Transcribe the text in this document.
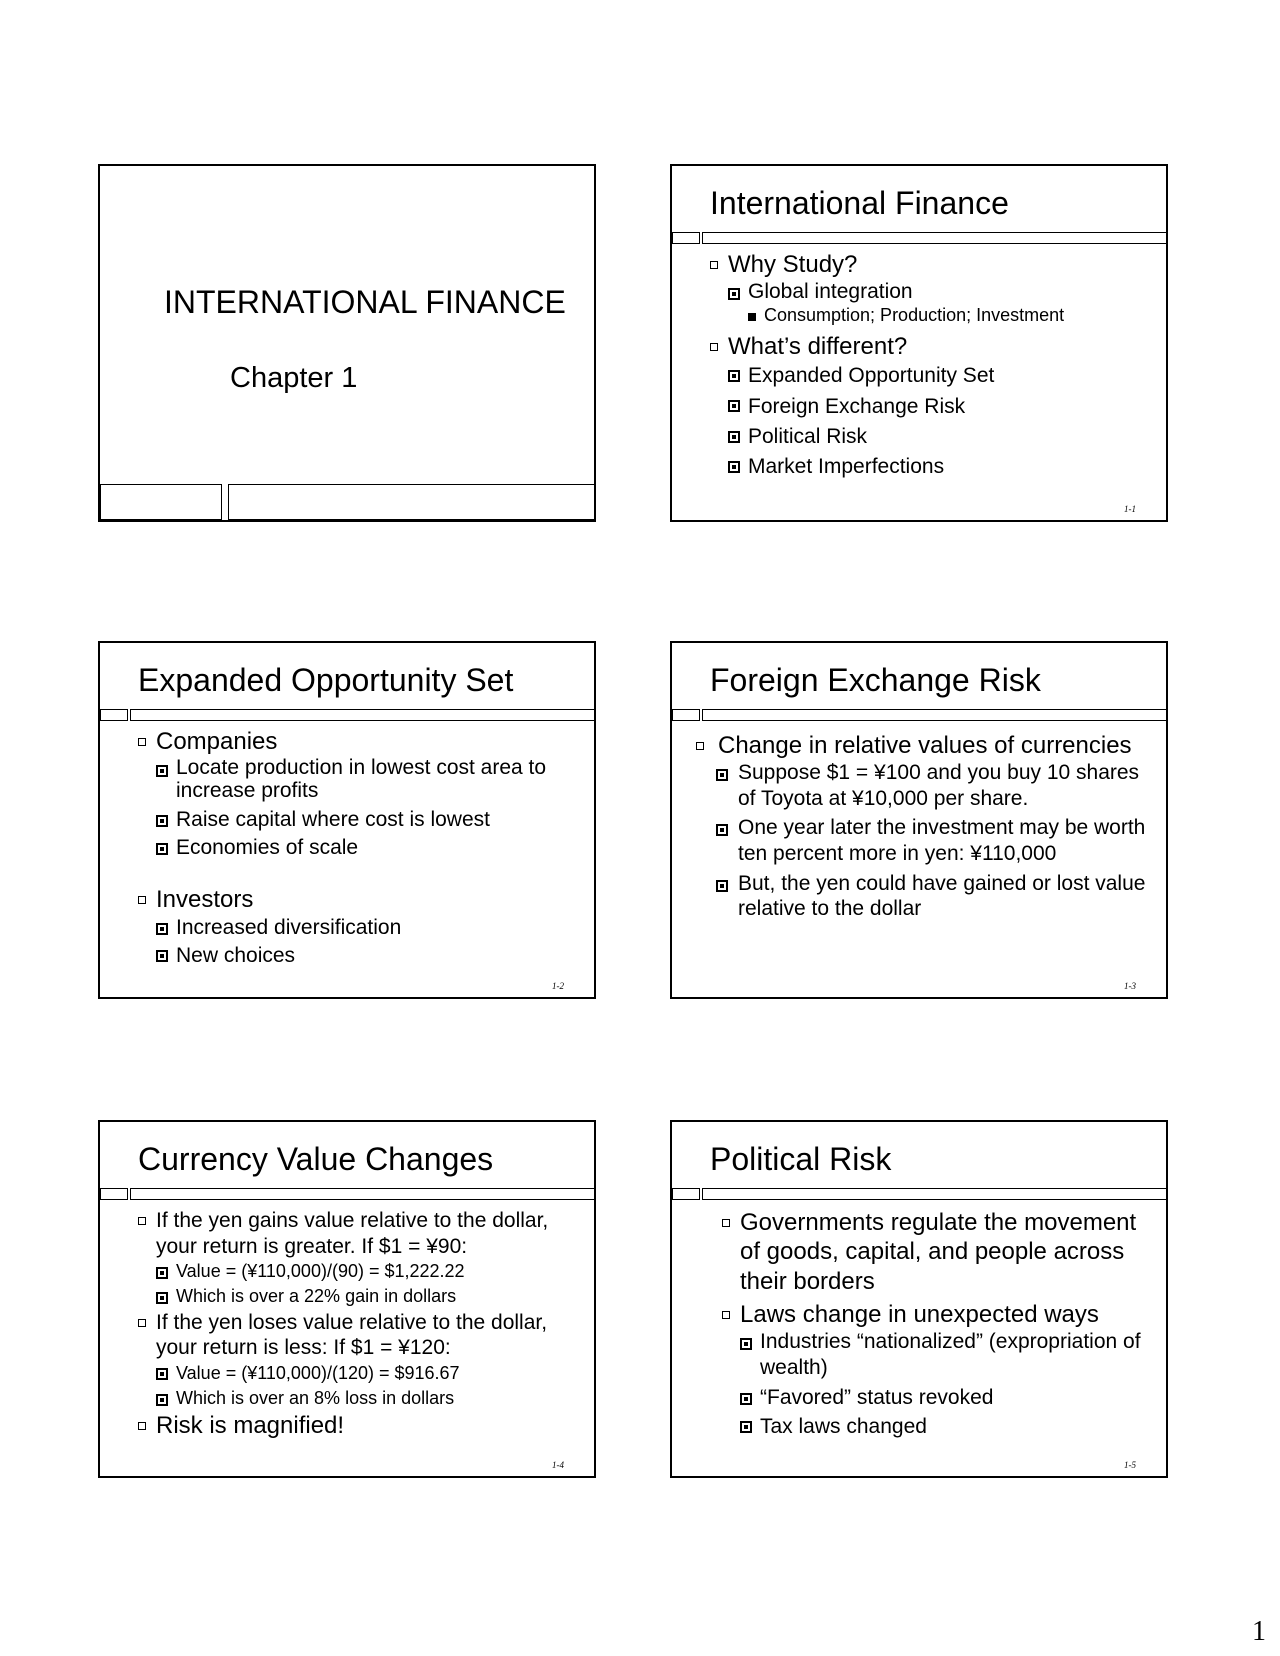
INTERNATIONAL FINANCE
Chapter 1
International Finance
Why Study?
Global integration
Consumption; Production; Investment
What’s different?
Expanded Opportunity Set
Foreign Exchange Risk
Political Risk
Market Imperfections
1-1
Expanded Opportunity Set
Companies
Locate production in lowest cost area to increase profits
Raise capital where cost is lowest
Economies of scale
Investors
Increased diversification
New choices
1-2
Foreign Exchange Risk
Change in relative values of currencies
Suppose $1 = ¥100 and you buy 10 shares of Toyota at ¥10,000 per share.
One year later the investment may be worth ten percent more in yen: ¥110,000
But, the yen could have gained or lost value relative to the dollar
1-3
Currency Value Changes
If the yen gains value relative to the dollar, your return is greater. If $1 = ¥90:
Value = (¥110,000)/(90) = $1,222.22
Which is over a 22% gain in dollars
If the yen loses value relative to the dollar, your return is less: If $1 = ¥120:
Value = (¥110,000)/(120) = $916.67
Which is over an 8% loss in dollars
Risk is magnified!
1-4
Political Risk
Governments regulate the movement of goods, capital, and people across their borders
Laws change in unexpected ways
Industries “nationalized” (expropriation of wealth)
“Favored” status revoked
Tax laws changed
1-5
1
